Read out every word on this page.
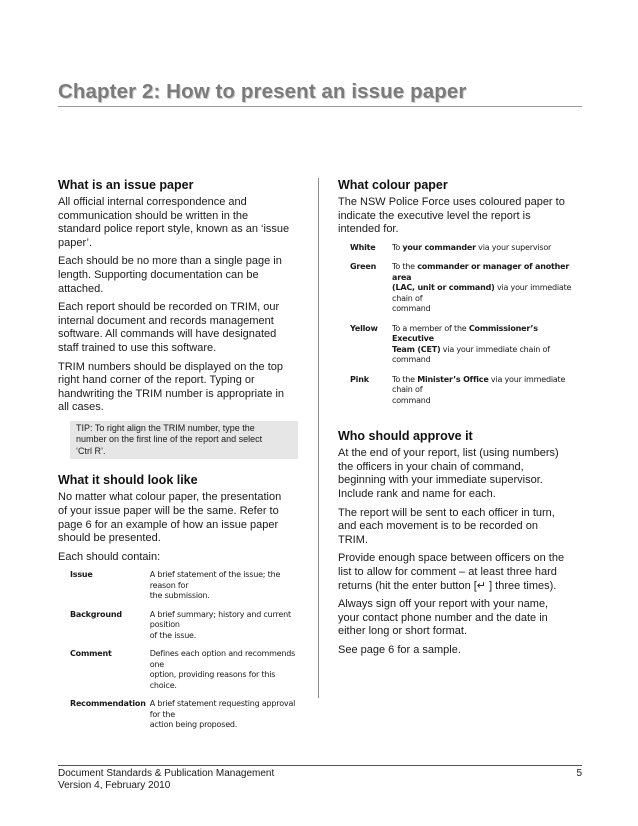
Chapter 2: How to present an issue paper
What is an issue paper

All official internal correspondence and
communication should be written in the
standard police report style, known as an ‘issue
paper’.

Each should be no more than a single page in
length. Supporting documentation can be
attached.

Each report should be recorded on TRIM, our
internal document and records management
software. All commands will have designated
staff trained to use this software.

TRIM numbers should be displayed on the top
right hand corner of the report. Typing or
handwriting the TRIM number is appropriate in
all cases.

TIP: To right align the TRIM number, type the
number on the first line of the report and select
‘Ctrl R’.
What it should look like

No matter what colour paper, the presentation
of your issue paper will be the same. Refer to
page 6 for an example of how an issue paper
should be presented.

Each should contain:

Issue	A brief statement of the issue; the reason for
the submission.

Background	A brief summary; history and current position
of the issue.

Comment	Defines each option and recommends one
option, providing reasons for this choice.

Recommendation	A brief statement requesting approval for the
action being proposed.
What colour paper

The NSW Police Force uses coloured paper to
indicate the executive level the report is
intended for.

White	To your commander via your supervisor

Green	To the commander or manager of another area
(LAC, unit or command) via your immediate chain of
command

Yellow	To a member of the Commissioner’s Executive
Team (CET) via your immediate chain of command

Pink	To the Minister’s Office via your immediate chain of
command
Who should approve it

At the end of your report, list (using numbers)
the officers in your chain of command,
beginning with your immediate supervisor.
Include rank and name for each.

The report will be sent to each officer in turn,
and each movement is to be recorded on
TRIM.

Provide enough space between officers on the
list to allow for comment – at least three hard
returns (hit the enter button [↵ ] three times).

Always sign off your report with your name,
your contact phone number and the date in
either long or short format.

See page 6 for a sample.

Document Standards & Publication Management
Version 4, February 2010
5
